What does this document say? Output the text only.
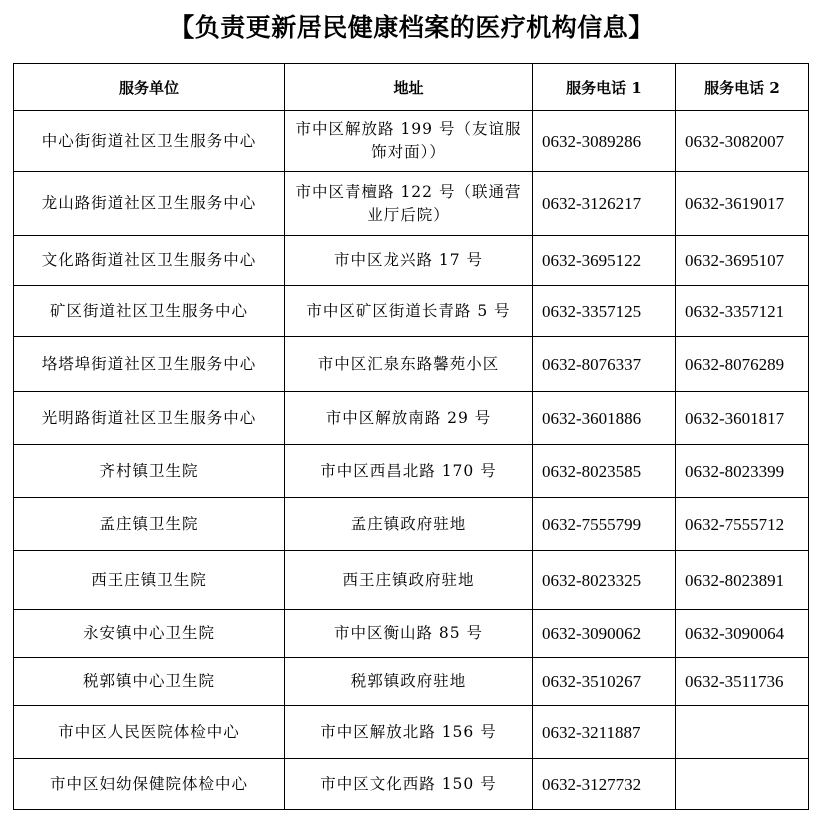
【负责更新居民健康档案的医疗机构信息】
服务单位	地址	服务电话 1	服务电话 2
中心街街道社区卫生服务中心	市中区解放路 199 号（友谊服饰对面））	0632-3089286	0632-3082007
龙山路街道社区卫生服务中心	市中区青檀路 122 号（联通营业厅后院）	0632-3126217	0632-3619017
文化路街道社区卫生服务中心	市中区龙兴路 17 号	0632-3695122	0632-3695107
矿区街道社区卫生服务中心	市中区矿区街道长青路 5 号	0632-3357125	0632-3357121
垎塔埠街道社区卫生服务中心	市中区汇泉东路馨苑小区	0632-8076337	0632-8076289
光明路街道社区卫生服务中心	市中区解放南路 29 号	0632-3601886	0632-3601817
齐村镇卫生院	市中区西昌北路 170 号	0632-8023585	0632-8023399
孟庄镇卫生院	孟庄镇政府驻地	0632-7555799	0632-7555712
西王庄镇卫生院	西王庄镇政府驻地	0632-8023325	0632-8023891
永安镇中心卫生院	市中区衡山路 85 号	0632-3090062	0632-3090064
税郭镇中心卫生院	税郭镇政府驻地	0632-3510267	0632-3511736
市中区人民医院体检中心	市中区解放北路 156 号	0632-3211887	
市中区妇幼保健院体检中心	市中区文化西路 150 号	0632-3127732	
